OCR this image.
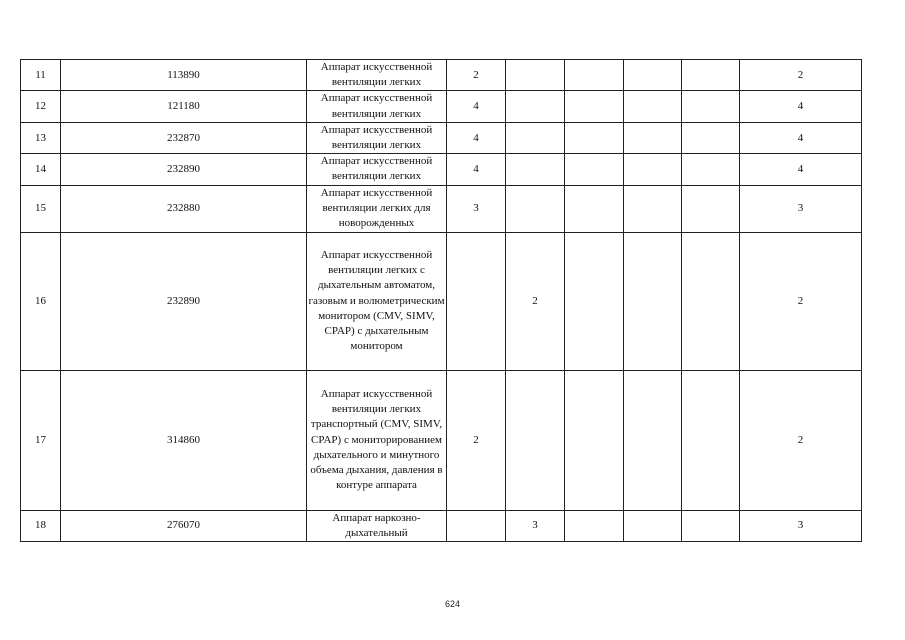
11	113890	Аппарат искусственной вентиляции легких	2					2
12	121180	Аппарат искусственной вентиляции легких	4					4
13	232870	Аппарат искусственной вентиляции легких	4					4
14	232890	Аппарат искусственной вентиляции легких	4					4
15	232880	Аппарат искусственной вентиляции легких для новорожденных	3					3
16	232890	Аппарат искусственной вентиляции легких с дыхательным автоматом, газовым и волюметрическим монитором (CMV, SIMV, CPAP) с дыхательным монитором		2				2
17	314860	Аппарат искусственной вентиляции легких транспортный (CMV, SIMV, CPAP) с мониторированием дыхательного и минутного объема дыхания, давления в контуре аппарата	2					2
18	276070	Аппарат наркозно-дыхательный		3				3
624
